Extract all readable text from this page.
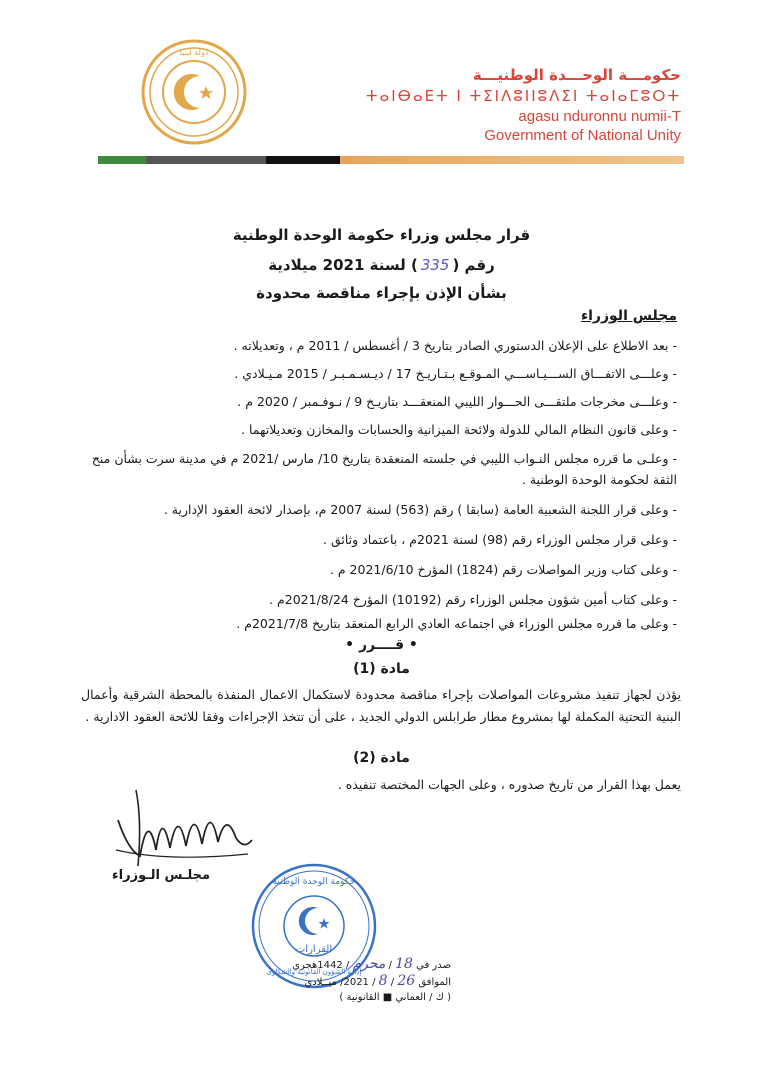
دولة ليبيا
حكومـــة الوحـــدة الوطنيـــة
ⵜⴰⵏⴱⴰⴹⵜ ⵏ ⵜⵉⵏⴷⵓⵏⵏⵓⴷⵉⵏ ⵜⴰⵏⴰⵎⵓⵔⵜ
agasu nduronnu numii-T
Government of National Unity
قرار مجلس وزراء حكومة الوحدة الوطنية
رقم (335) لسنة 2021 ميلادية
بشأن الإذن بإجراء مناقصة محدودة
مجلس الوزراء
- بعد الاطلاع على الإعلان الدستوري الصادر بتاريخ 3 / أغسطس / 2011 م ، وتعديلاته .
- وعلـــى الاتفـــاق الســـيـاســـي المـوقـع بـتـاريـخ 17 / ديـسـمـبـر / 2015 مـيـلادي .
- وعلـــى مخرجات ملتقـــى الحـــوار الليبي المنعقـــد بتاريـخ 9 / نـوفـمبر / 2020 م .
- وعلى قانون النظام المالي للدولة ولائحة الميزانية والحسابات والمخازن وتعديلاتهما .
- وعلـى ما قرره مجلس النـواب الليبي في جلسته المنعقدة بتاريخ 10/ مارس /2021 م في مدينة سرت بشأن منح الثقة لحكومة الوحدة الوطنية .
- وعلى قرار اللجنة الشعبية العامة (سابقا ) رقم (563) لسنة 2007 م، بإصدار لائحة العقود الإدارية .
- وعلى قرار مجلس الوزراء رقم (98) لسنة 2021م ، باعتماد وثائق .
- وعلى كتاب وزير المواصلات رقم (1824) المؤرخ 2021/6/10 م .
- وعلى كتاب أمين شؤون مجلس الوزراء رقم (10192) المؤرخ 2021/8/24م .
- وعلى ما قرره مجلس الوزراء في اجتماعه العادي الرابع المنعقد بتاريخ 2021/7/8م .
• قــــرر •
مادة (1)
يؤذن لجهاز تنفيذ مشروعات المواصلات بإجراء مناقصة محدودة لاستكمال الاعمال المنفذة بالمحطة الشرقية وأعمال البنية التحتية المكملة لها بمشروع مطار طرابلس الدولي الجديد ، على أن تتخذ الإجراءات وفقا للائحة العقود الادارية .
مادة (2)
يعمل بهذا القرار من تاريخ صدوره ، وعلى الجهات المختصة تنفيذه .
مجلـس الـوزراء	حكومة الوحدة الوطنية
القرارات
إدارة الشؤون القانونية والشكاوى
صدر في 18 / محرم / 1442هجري
الموافق 26 / 8 / 2021/ ميــلادي
( ك / العماني ■ القانونية )
